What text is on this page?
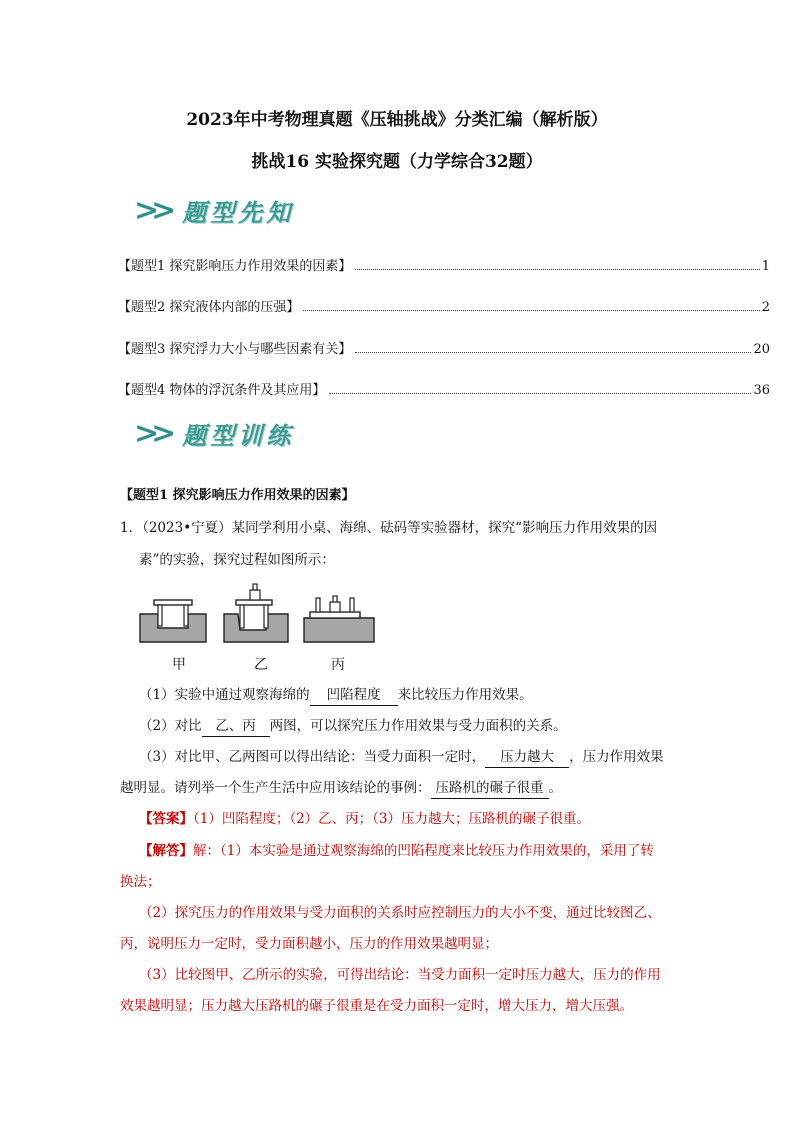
2023年中考物理真题《压轴挑战》分类汇编（解析版）
挑战16 实验探究题（力学综合32题）
>> 题型先知
【题型1 探究影响压力作用效果的因素】	1
【题型2 探究液体内部的压强】	2
【题型3 探究浮力大小与哪些因素有关】	20
【题型4 物体的浮沉条件及其应用】	36
>> 题型训练
【题型1 探究影响压力作用效果的因素】
1．（2023•宁夏）某同学利用小桌、海绵、砝码等实验器材，探究“影响压力作用效果的因
素”的实验，探究过程如图所示：
甲	乙	丙
（1）实验中通过观察海绵的 凹陷程度 来比较压力作用效果。
（2）对比 乙、丙 两图，可以探究压力作用效果与受力面积的关系。
（3）对比甲、乙两图可以得出结论：当受力面积一定时， 压力越大 ，压力作用效果
越明显。请列举一个生产生活中应用该结论的事例： 压路机的碾子很重 。
【答案】（1）凹陷程度；（2）乙、丙；（3）压力越大；压路机的碾子很重。
【解答】解：（1）本实验是通过观察海绵的凹陷程度来比较压力作用效果的，采用了转
换法；
（2）探究压力的作用效果与受力面积的关系时应控制压力的大小不变，通过比较图乙、
丙，说明压力一定时，受力面积越小，压力的作用效果越明显；
（3）比较图甲、乙所示的实验，可得出结论：当受力面积一定时压力越大，压力的作用
效果越明显；压力越大压路机的碾子很重是在受力面积一定时，增大压力，增大压强。
